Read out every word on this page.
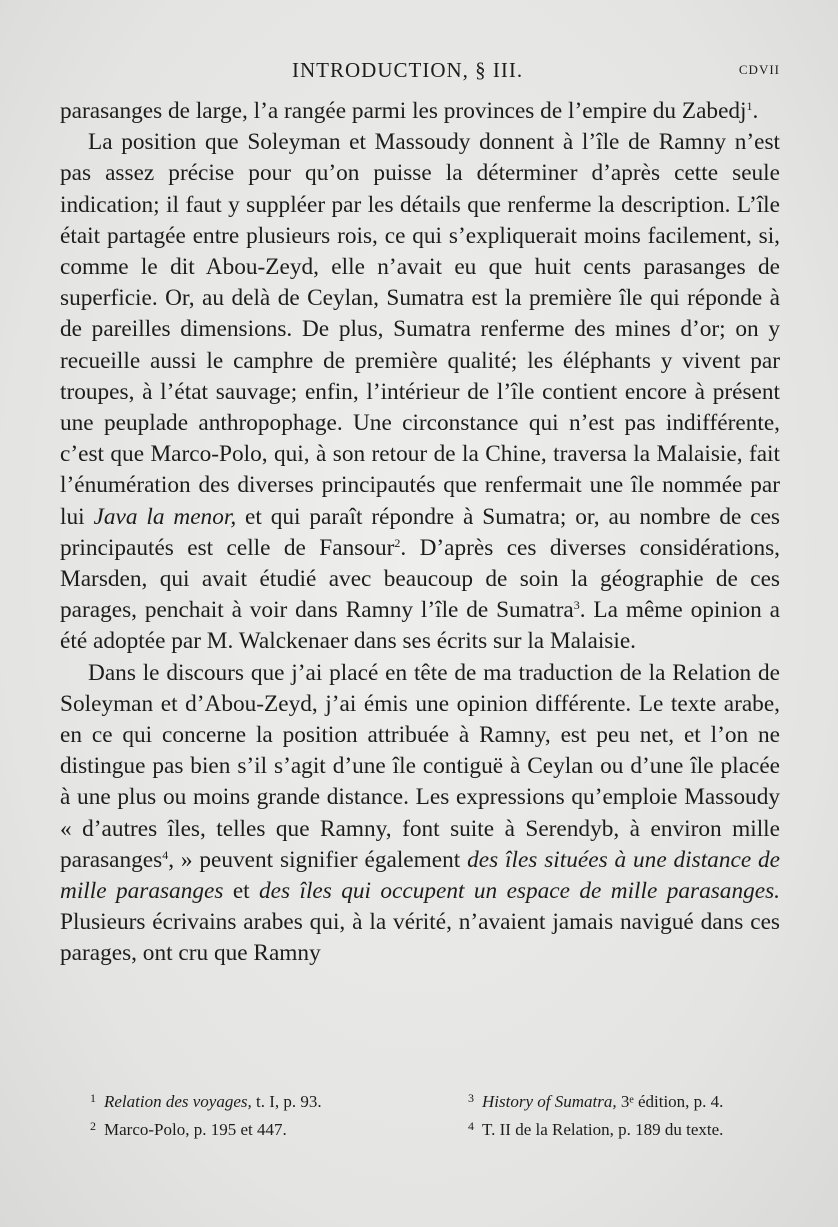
INTRODUCTION, § III.	CDVII

parasanges de large, l’a rangée parmi les provinces de l’empire du Zabedj$^1$.

La position que Soleyman et Massoudy donnent à l’île de Ramny n’est pas assez précise pour qu’on puisse la déterminer d’après cette seule indication; il faut y suppléer par les détails que renferme la description. L’île était partagée entre plusieurs rois, ce qui s’expliquerait moins facilement, si, comme le dit Abou-Zeyd, elle n’avait eu que huit cents parasanges de superficie. Or, au delà de Ceylan, Sumatra est la première île qui réponde à de pareilles dimensions. De plus, Sumatra renferme des mines d’or; on y recueille aussi le camphre de première qualité; les éléphants y vivent par troupes, à l’état sauvage; enfin, l’intérieur de l’île contient encore à présent une peuplade anthropophage. Une circonstance qui n’est pas indifférente, c’est que Marco-Polo, qui, à son retour de la Chine, traversa la Malaisie, fait l’énumération des diverses principautés que renfermait une île nommée par lui Java la menor, et qui paraît répondre à Sumatra; or, au nombre de ces principautés est celle de Fansour$^2$. D’après ces diverses considérations, Marsden, qui avait étudié avec beaucoup de soin la géographie de ces parages, penchait à voir dans Ramny l’île de Sumatra$^3$. La même opinion a été adoptée par M. Walckenaer dans ses écrits sur la Malaisie.

Dans le discours que j’ai placé en tête de ma traduction de la Relation de Soleyman et d’Abou-Zeyd, j’ai émis une opinion différente. Le texte arabe, en ce qui concerne la position attribuée à Ramny, est peu net, et l’on ne distingue pas bien s’il s’agit d’une île contiguë à Ceylan ou d’une île placée à une plus ou moins grande distance. Les expressions qu’emploie Massoudy « d’autres îles, telles que Ramny, font suite à Serendyb, à environ mille parasanges$^4$, » peuvent signifier également des îles situées à une distance de mille parasanges et des îles qui occupent un espace de mille parasanges. Plusieurs écrivains arabes qui, à la vérité, n’avaient jamais navigué dans ces parages, ont cru que Ramny

1 Relation des voyages, t. I, p. 93.
2 Marco-Polo, p. 195 et 447.
3 History of Sumatra, 3ᵉ édition, p. 4.
4 T. II de la Relation, p. 189 du texte.
